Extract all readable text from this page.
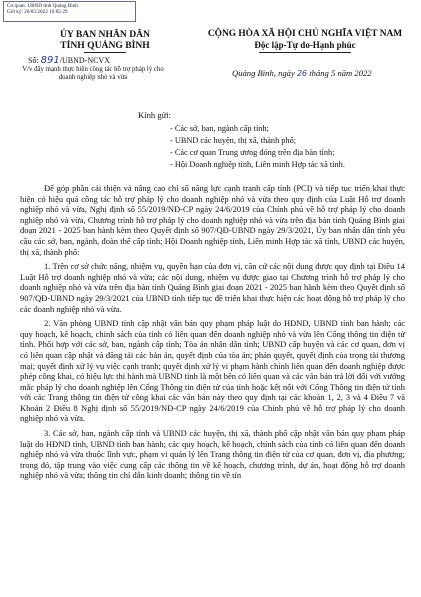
Cơ quan: UBND tỉnh Quảng Bình
Giờ ký: 26/05/2022 16:05:29
ỦY BAN NHÂN DÂN
TỈNH QUẢNG BÌNH
Số: 891/UBND-NCVX
V/v đẩy mạnh thực hiện công tác hỗ trợ pháp lý cho doanh nghiệp nhỏ và vừa
CỘNG HÒA XÃ HỘI CHỦ NGHĨA VIỆT NAM
Độc lập-Tự do-Hạnh phúc
Quảng Bình, ngày 26 tháng 5 năm 2022
Kính gửi:
- Các sở, ban, ngành cấp tỉnh;
- UBND các huyện, thị xã, thành phố;
- Các cơ quan Trung ương đóng trên địa bàn tỉnh;
- Hội Doanh nghiệp tỉnh, Liên minh Hợp tác xã tỉnh.

Để góp phần cải thiện và nâng cao chỉ số năng lực cạnh tranh cấp tỉnh (PCI) và tiếp tục triển khai thực hiện có hiệu quả công tác hỗ trợ pháp lý cho doanh nghiệp nhỏ và vừa theo quy định của Luật Hỗ trợ doanh nghiệp nhỏ và vừa, Nghị định số 55/2019/NĐ-CP ngày 24/6/2019 của Chính phủ về hỗ trợ pháp lý cho doanh nghiệp nhỏ và vừa, Chương trình hỗ trợ pháp lý cho doanh nghiệp nhỏ và vừa trên địa bàn tỉnh Quảng Bình giai đoạn 2021 - 2025 ban hành kèm theo Quyết định số 907/QĐ-UBND ngày 29/3/2021, Ủy ban nhân dân tỉnh yêu cầu các sở, ban, ngành, đoàn thể cấp tỉnh; Hội Doanh nghiệp tỉnh, Liên minh Hợp tác xã tỉnh, UBND các huyện, thị xã, thành phố:

1. Trên cơ sở chức năng, nhiệm vụ, quyền hạn của đơn vị, căn cứ các nội dung được quy định tại Điều 14 Luật Hỗ trợ doanh nghiệp nhỏ và vừa; các nội dung, nhiệm vụ được giao tại Chương trình hỗ trợ pháp lý cho doanh nghiệp nhỏ và vừa trên địa bàn tỉnh Quảng Bình giai đoạn 2021 - 2025 ban hành kèm theo Quyết định số 907/QĐ-UBND ngày 29/3/2021 của UBND tỉnh tiếp tục đề triển khai thực hiện các hoạt động hỗ trợ pháp lý cho các doanh nghiệp nhỏ và vừa.

2. Văn phòng UBND tỉnh cập nhật văn bản quy phạm pháp luật do HĐND, UBND tỉnh ban hành; các quy hoạch, kế hoạch, chính sách của tỉnh có liên quan đến doanh nghiệp nhỏ và vừa lên Cổng thông tin điện tử tỉnh. Phối hợp với các sở, ban, ngành cấp tỉnh; Tòa án nhân dân tỉnh; UBND cấp huyện và các cơ quan, đơn vị có liên quan cập nhật và đăng tải các bản án, quyết định của tòa án; phán quyết, quyết định của trọng tài thương mại; quyết định xử lý vụ việc cạnh tranh; quyết định xử lý vi phạm hành chính liên quan đến doanh nghiệp được phép công khai, có hiệu lực thi hành mà UBND tỉnh là một bên có liên quan và các văn bản trả lời đối với vướng mắc pháp lý cho doanh nghiệp lên Cổng Thông tin điện tử của tỉnh hoặc kết nối với Cổng Thông tin điện tử tỉnh với các Trang thông tin điện tử công khai các văn bản này theo quy định tại các khoản 1, 2, 3 và 4 Điều 7 và Khoản 2 Điều 8 Nghị định số 55/2019/NĐ-CP ngày 24/6/2019 của Chính phủ về hỗ trợ pháp lý cho doanh nghiệp nhỏ và vừa.

3. Các sở, ban, ngành cấp tỉnh và UBND các huyện, thị xã, thành phố cập nhật văn bản quy phạm pháp luật do HĐND tỉnh, UBND tỉnh ban hành; các quy hoạch, kế hoạch, chính sách của tỉnh có liên quan đến doanh nghiệp nhỏ và vừa thuộc lĩnh vực, phạm vi quản lý lên Trang thông tin điện tử của cơ quan, đơn vị, địa phương; trong đó, tập trung vào việc cung cấp các thông tin về kế hoạch, chương trình, dự án, hoạt động hỗ trợ doanh nghiệp nhỏ và vừa; thông tin chỉ dẫn kinh doanh; thông tin về tín
